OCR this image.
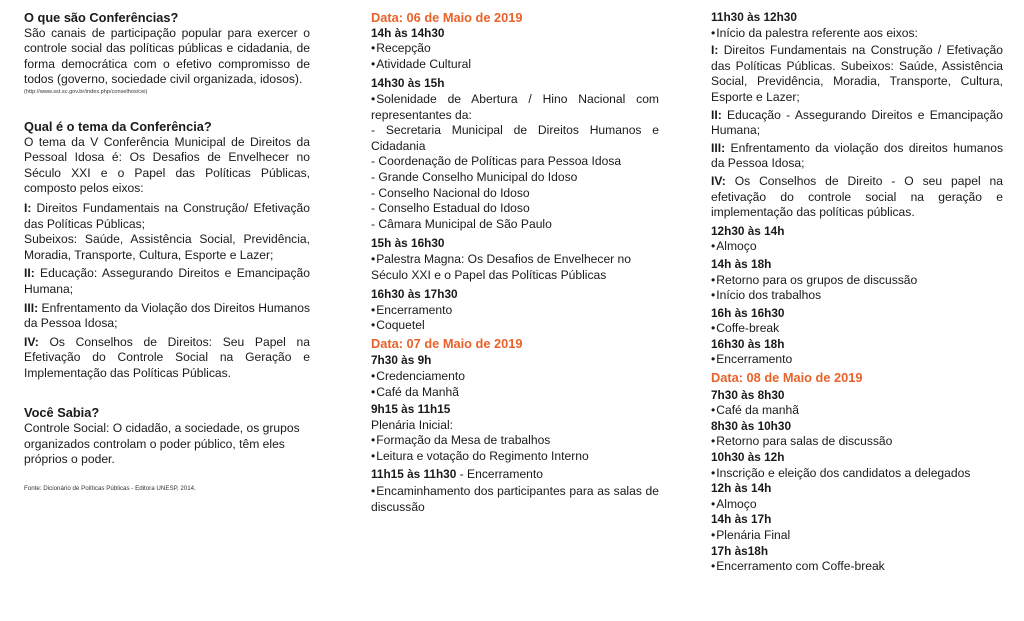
O que são Conferências?

São canais de participação popular para exercer o controle social das políticas públicas e cidadania, de forma democrática com o efetivo compromisso de todos (governo, sociedade civil organizada, idosos).

(http://www.sst.sc.gov.br/index.php/conselhos/cei)

Qual é o tema da Conferência?

O tema da V Conferência Municipal de Direitos da Pessoal Idosa é: Os Desafios de Envelhecer no Século XXI e o Papel das Políticas Públicas, composto pelos eixos:

I: Direitos Fundamentais na Construção/ Efetivação das Políticas Públicas;

Subeixos: Saúde, Assistência Social, Previdência, Moradia, Transporte, Cultura, Esporte e Lazer;

II: Educação: Assegurando Direitos e Emancipação Humana;

III: Enfrentamento da Violação dos Direitos Humanos da Pessoa Idosa;

IV: Os Conselhos de Direitos: Seu Papel na Efetivação do Controle Social na Geração e Implementação das Políticas Públicas.

Você Sabia?

Controle Social: O cidadão, a sociedade, os grupos organizados controlam o poder público, têm eles próprios o poder.

Fonte: Dicionário de Políticas Públicas - Editora UNESP, 2014.

Data: 06 de Maio de 2019

14h às 14h30

• Recepção

• Atividade Cultural

14h30 às 15h

• Solenidade de Abertura / Hino Nacional com representantes da:

- Secretaria Municipal de Direitos Humanos e Cidadania

- Coordenação de Políticas para Pessoa Idosa

- Grande Conselho Municipal do Idoso

- Conselho Nacional do Idoso

- Conselho Estadual do Idoso

- Câmara Municipal de São Paulo

15h às 16h30

• Palestra Magna: Os Desafios de Envelhecer no Século XXI e o Papel das Políticas Públicas

16h30 às 17h30

• Encerramento

• Coquetel

Data: 07 de Maio de 2019

7h30 às 9h

• Credenciamento

• Café da Manhã

9h15 às 11h15

Plenária Inicial:

• Formação da Mesa de trabalhos

• Leitura e votação do Regimento Interno

11h15 às 11h30 - Encerramento

• Encaminhamento dos participantes para as salas de discussão

11h30 às 12h30

• Início da palestra referente aos eixos:

I: Direitos Fundamentais na Construção / Efetivação das Políticas Públicas. Subeixos: Saúde, Assistência Social, Previdência, Moradia, Transporte, Cultura, Esporte e Lazer;

II: Educação - Assegurando Direitos e Emancipação Humana;

III: Enfrentamento da violação dos direitos humanos da Pessoa Idosa;

IV: Os Conselhos de Direito - O seu papel na efetivação do controle social na geração e implementação das políticas públicas.

12h30 às 14h

• Almoço

14h às 18h

• Retorno para os grupos de discussão

• Início dos trabalhos

16h às 16h30

• Coffe-break

16h30 às 18h

• Encerramento

Data: 08 de Maio de 2019

7h30 às 8h30

• Café da manhã

8h30 às 10h30

• Retorno para salas de discussão

10h30 às 12h

• Inscrição e eleição dos candidatos a delegados

12h às 14h

• Almoço

14h às 17h

• Plenária Final

17h às18h

• Encerramento com Coffe-break
